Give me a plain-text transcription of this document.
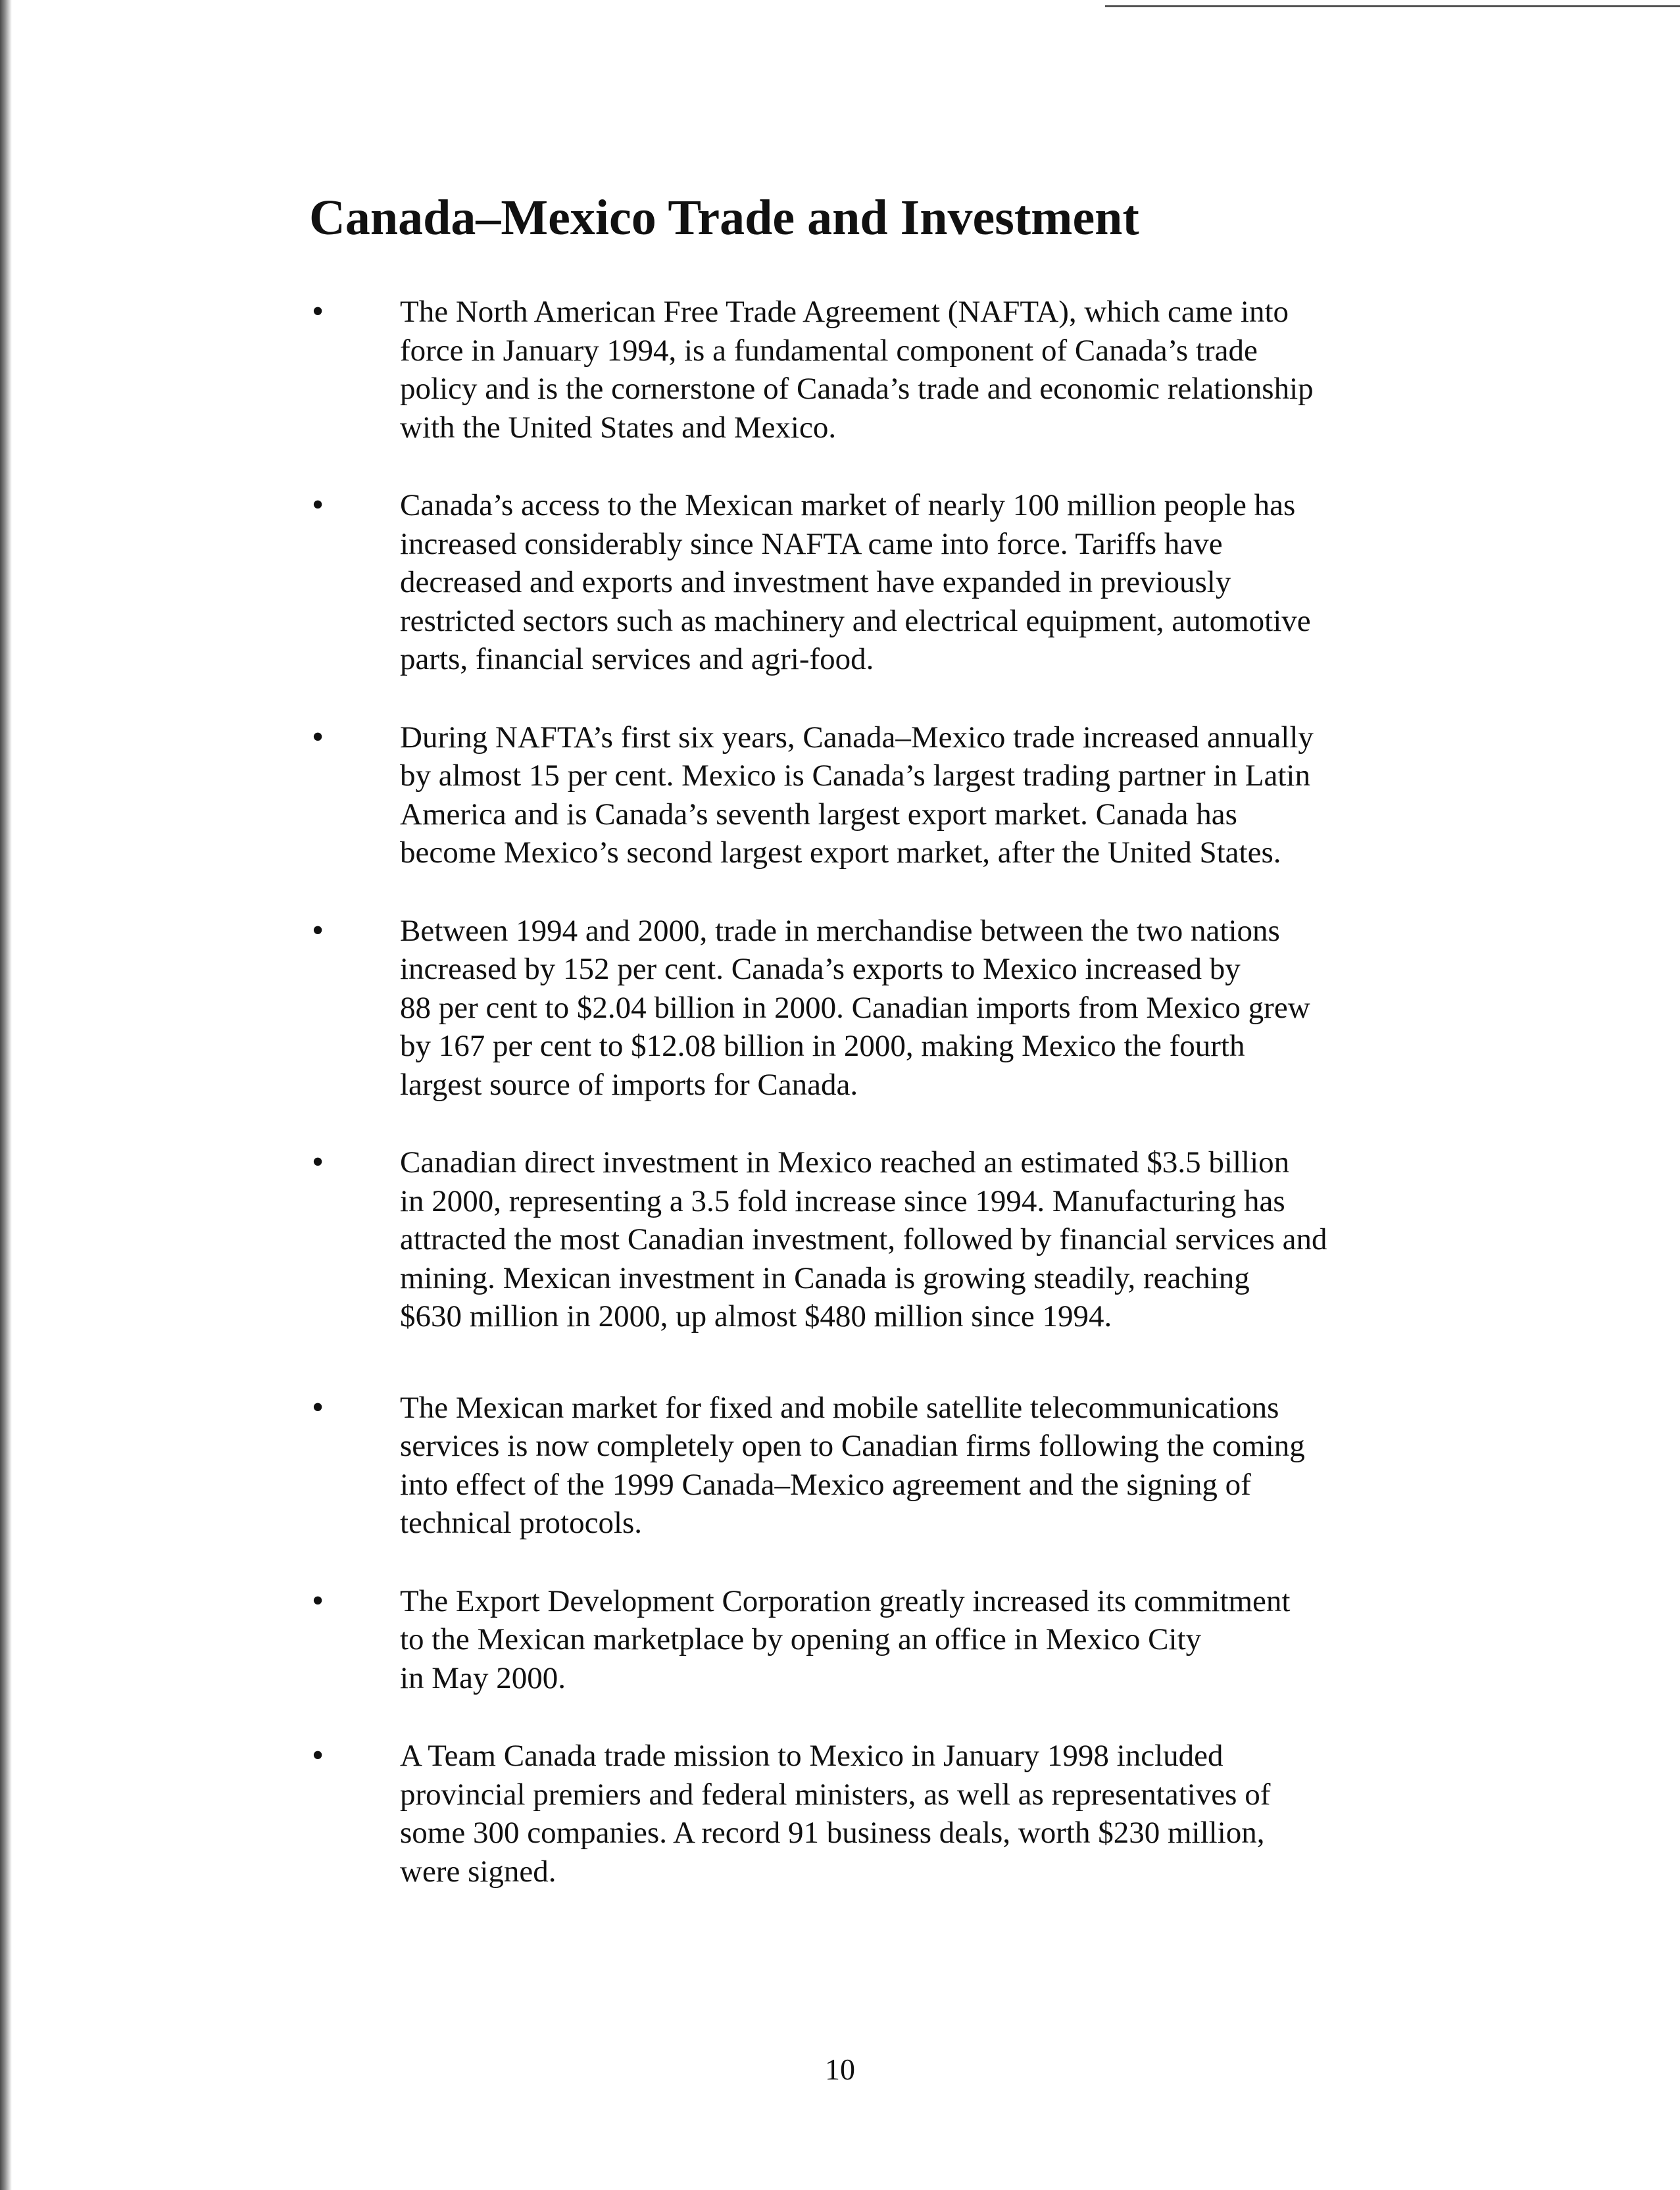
Canada–Mexico Trade and Investment
• The North American Free Trade Agreement (NAFTA), which came into
force in January 1994, is a fundamental component of Canada’s trade
policy and is the cornerstone of Canada’s trade and economic relationship
with the United States and Mexico.
• Canada’s access to the Mexican market of nearly 100 million people has
increased considerably since NAFTA came into force. Tariffs have
decreased and exports and investment have expanded in previously
restricted sectors such as machinery and electrical equipment, automotive
parts, financial services and agri-food.
• During NAFTA’s first six years, Canada–Mexico trade increased annually
by almost 15 per cent. Mexico is Canada’s largest trading partner in Latin
America and is Canada’s seventh largest export market. Canada has
become Mexico’s second largest export market, after the United States.
• Between 1994 and 2000, trade in merchandise between the two nations
increased by 152 per cent. Canada’s exports to Mexico increased by
88 per cent to $2.04 billion in 2000. Canadian imports from Mexico grew
by 167 per cent to $12.08 billion in 2000, making Mexico the fourth
largest source of imports for Canada.
• Canadian direct investment in Mexico reached an estimated $3.5 billion
in 2000, representing a 3.5 fold increase since 1994. Manufacturing has
attracted the most Canadian investment, followed by financial services and
mining. Mexican investment in Canada is growing steadily, reaching
$630 million in 2000, up almost $480 million since 1994.
• The Mexican market for fixed and mobile satellite telecommunications
services is now completely open to Canadian firms following the coming
into effect of the 1999 Canada–Mexico agreement and the signing of
technical protocols.
• The Export Development Corporation greatly increased its commitment
to the Mexican marketplace by opening an office in Mexico City
in May 2000.
• A Team Canada trade mission to Mexico in January 1998 included
provincial premiers and federal ministers, as well as representatives of
some 300 companies. A record 91 business deals, worth $230 million,
were signed.
10
